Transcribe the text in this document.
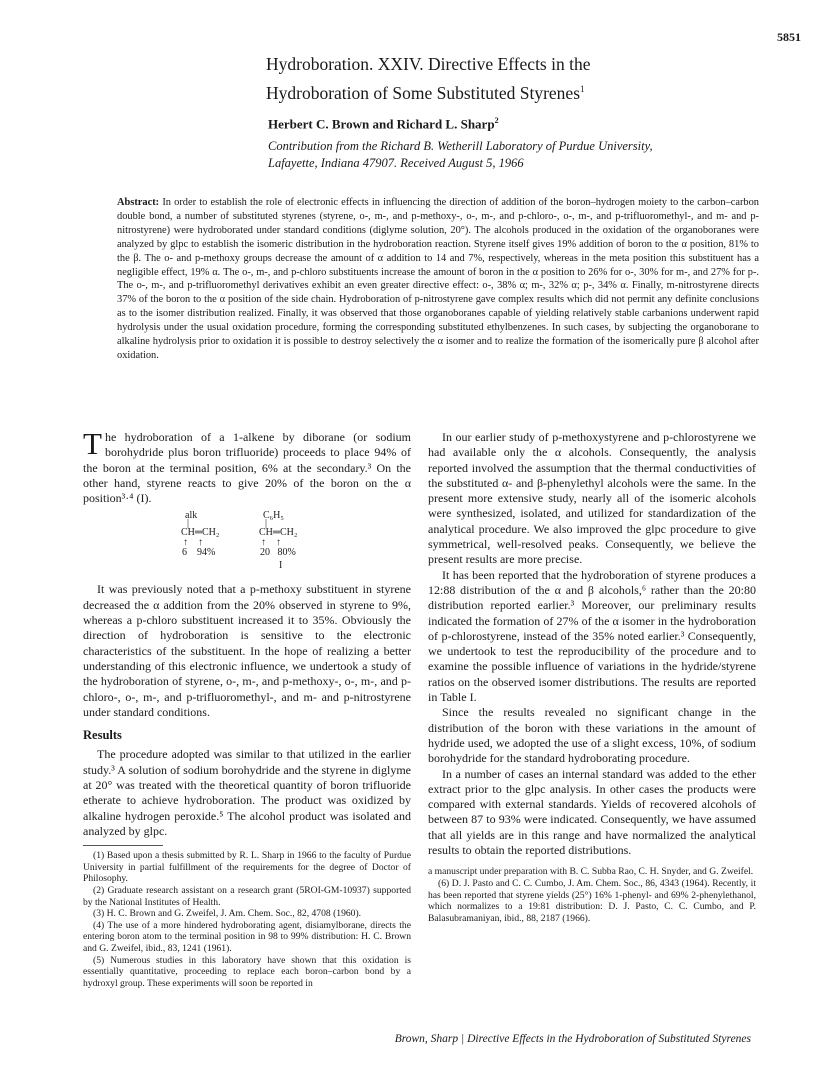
5851
Hydroboration. XXIV. Directive Effects in the
Hydroboration of Some Substituted Styrenes$^1$
Herbert C. Brown and Richard L. Sharp$^2$
Contribution from the Richard B. Wetherill Laboratory of Purdue University,
Lafayette, Indiana 47907. Received August 5, 1966
Abstract: In order to establish the role of electronic effects in influencing the direction of addition of the boron–hydrogen moiety to the carbon–carbon double bond, a number of substituted styrenes (styrene, o-, m-, and p-methoxy-, o-, m-, and p-chloro-, o-, m-, and p-trifluoromethyl-, and m- and p-nitrostyrene) were hydroborated under standard conditions (diglyme solution, 20°). The alcohols produced in the oxidation of the organoboranes were analyzed by glpc to establish the isomeric distribution in the hydroboration reaction. Styrene itself gives 19% addition of boron to the α position, 81% to the β. The o- and p-methoxy groups decrease the amount of α addition to 14 and 7%, respectively, whereas in the meta position this substituent has a negligible effect, 19% α. The o-, m-, and p-chloro substituents increase the amount of boron in the α position to 26% for o-, 30% for m-, and 27% for p-. The o-, m-, and p-trifluoromethyl derivatives exhibit an even greater directive effect: o-, 38% α; m-, 32% α; p-, 34% α. Finally, m-nitrostyrene directs 37% of the boron to the α position of the side chain. Hydroboration of p-nitrostyrene gave complex results which did not permit any definite conclusions as to the isomer distribution realized. Finally, it was observed that those organoboranes capable of yielding relatively stable carbanions underwent rapid hydrolysis under the usual oxidation procedure, forming the corresponding substituted ethylbenzenes. In such cases, by subjecting the organoborane to alkaline hydrolysis prior to oxidation it is possible to destroy selectively the α isomer and to realize the formation of the isomerically pure β alcohol after oxidation.

The hydroboration of a 1-alkene by diborane (or sodium borohydride plus boron trifluoride) proceeds to place 94% of the boron at the terminal position, 6% at the secondary.³ On the other hand, styrene reacts to give 20% of the boron on the α position³·⁴ (I).

alk
|
CH═CH₂
↑    ↑
6    94%
C₆H₅
|
CH═CH₂
↑    ↑
20   80%
I

It was previously noted that a p-methoxy substituent in styrene decreased the α addition from the 20% observed in styrene to 9%, whereas a p-chloro substituent increased it to 35%. Obviously the direction of hydroboration is sensitive to the electronic characteristics of the substituent. In the hope of realizing a better understanding of this electronic influence, we undertook a study of the hydroboration of styrene, o-, m-, and p-methoxy-, o-, m-, and p-chloro-, o-, m-, and p-trifluoromethyl-, and m- and p-nitrostyrene under standard conditions.

Results

The procedure adopted was similar to that utilized in the earlier study.³ A solution of sodium borohydride and the styrene in diglyme at 20° was treated with the theoretical quantity of boron trifluoride etherate to achieve hydroboration. The product was oxidized by alkaline hydrogen peroxide.⁵ The alcohol product was isolated and analyzed by glpc.

(1) Based upon a thesis submitted by R. L. Sharp in 1966 to the faculty of Purdue University in partial fulfillment of the requirements for the degree of Doctor of Philosophy.
(2) Graduate research assistant on a research grant (5ROI-GM-10937) supported by the National Institutes of Health.
(3) H. C. Brown and G. Zweifel, J. Am. Chem. Soc., 82, 4708 (1960).
(4) The use of a more hindered hydroborating agent, disiamylborane, directs the entering boron atom to the terminal position in 98 to 99% distribution: H. C. Brown and G. Zweifel, ibid., 83, 1241 (1961).
(5) Numerous studies in this laboratory have shown that this oxidation is essentially quantitative, proceeding to replace each boron–carbon bond by a hydroxyl group. These experiments will soon be reported in

In our earlier study of p-methoxystyrene and p-chlorostyrene we had available only the α alcohols. Consequently, the analysis reported involved the assumption that the thermal conductivities of the substituted α- and β-phenylethyl alcohols were the same. In the present more extensive study, nearly all of the isomeric alcohols were synthesized, isolated, and utilized for standardization of the analytical procedure. We also improved the glpc procedure to give symmetrical, well-resolved peaks. Consequently, we believe the present results are more precise.

It has been reported that the hydroboration of styrene produces a 12:88 distribution of the α and β alcohols,⁶ rather than the 20:80 distribution reported earlier.³ Moreover, our preliminary results indicated the formation of 27% of the α isomer in the hydroboration of p-chlorostyrene, instead of the 35% noted earlier.³ Consequently, we undertook to test the reproducibility of the procedure and to examine the possible influence of variations in the hydride/styrene ratios on the observed isomer distributions. The results are reported in Table I.

Since the results revealed no significant change in the distribution of the boron with these variations in the amount of hydride used, we adopted the use of a slight excess, 10%, of sodium borohydride for the standard hydroborating procedure.

In a number of cases an internal standard was added to the ether extract prior to the glpc analysis. In other cases the products were compared with external standards. Yields of recovered alcohols of between 87 to 93% were indicated. Consequently, we have assumed that all yields are in this range and have normalized the analytical results to obtain the reported distributions.

a manuscript under preparation with B. C. Subba Rao, C. H. Snyder, and G. Zweifel.
(6) D. J. Pasto and C. C. Cumbo, J. Am. Chem. Soc., 86, 4343 (1964). Recently, it has been reported that styrene yields (25°) 16% 1-phenyl- and 69% 2-phenylethanol, which normalizes to a 19:81 distribution: D. J. Pasto, C. C. Cumbo, and P. Balasubramaniyan, ibid., 88, 2187 (1966).
Brown, Sharp | Directive Effects in the Hydroboration of Substituted Styrenes
